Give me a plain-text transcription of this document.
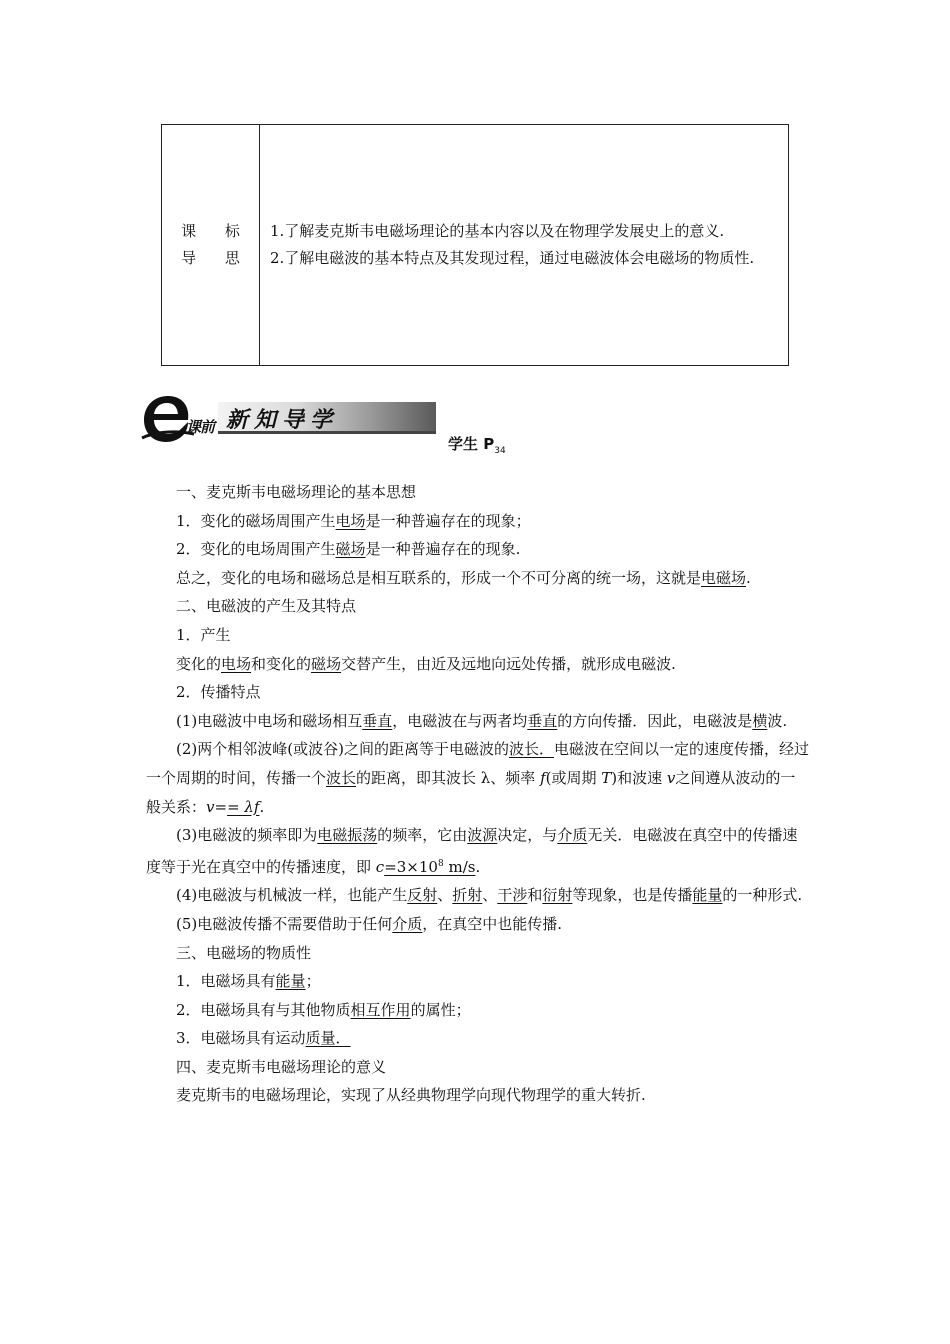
课 标
导 思

1.了解麦克斯韦电磁场理论的基本内容以及在物理学发展史上的意义.

2.了解电磁波的基本特点及其发现过程，通过电磁波体会电磁场的物质性.

课前 新知导学
学生 $P_{34}$

一、麦克斯韦电磁场理论的基本思想

1．变化的磁场周围产生电场是一种普遍存在的现象；

2．变化的电场周围产生磁场是一种普遍存在的现象.

总之，变化的电场和磁场总是相互联系的，形成一个不可分离的统一场，这就是电磁场.

二、电磁波的产生及其特点

1．产生

变化的电场和变化的磁场交替产生，由近及远地向远处传播，就形成电磁波.

2．传播特点

(1)电磁波中电场和磁场相互垂直，电磁波在与两者均垂直的方向传播．因此，电磁波是横波.

(2)两个相邻波峰(或波谷)之间的距离等于电磁波的波长．电磁波在空间以一定的速度传播，经过一个周期的时间，传播一个波长的距离，即其波长 λ、频率 f(或周期 T)和波速 v之间遵从波动的一般关系：v== λf.

(3)电磁波的频率即为电磁振荡的频率，它由波源决定，与介质无关．电磁波在真空中的传播速度等于光在真空中的传播速度，即 $c=3\times 10^8$ m/s.

(4)电磁波与机械波一样，也能产生反射、折射、干涉和衍射等现象，也是传播能量的一种形式.

(5)电磁波传播不需要借助于任何介质，在真空中也能传播.

三、电磁场的物质性

1．电磁场具有能量；

2．电磁场具有与其他物质相互作用的属性；

3．电磁场具有运动质量．

四、麦克斯韦电磁场理论的意义

麦克斯韦的电磁场理论，实现了从经典物理学向现代物理学的重大转折.
